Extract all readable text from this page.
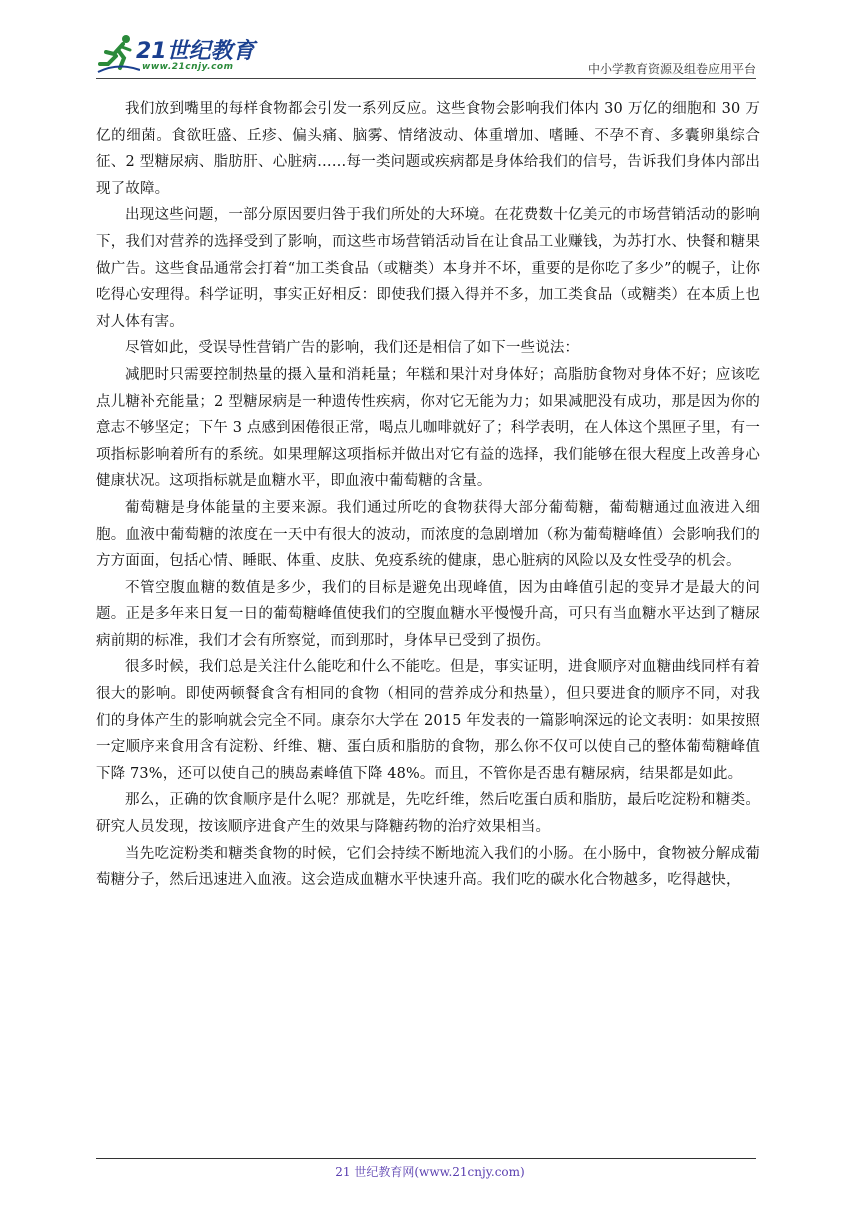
21世纪教育
www.21cnjy.com	中小学教育资源及组卷应用平台

我们放到嘴里的每样食物都会引发一系列反应。这些食物会影响我们体内 30 万亿的细胞和 30 万亿的细菌。食欲旺盛、丘疹、偏头痛、脑雾、情绪波动、体重增加、嗜睡、不孕不育、多囊卵巢综合征、2 型糖尿病、脂肪肝、心脏病……每一类问题或疾病都是身体给我们的信号，告诉我们身体内部出现了故障。

出现这些问题，一部分原因要归咎于我们所处的大环境。在花费数十亿美元的市场营销活动的影响下，我们对营养的选择受到了影响，而这些市场营销活动旨在让食品工业赚钱，为苏打水、快餐和糖果做广告。这些食品通常会打着“加工类食品（或糖类）本身并不坏，重要的是你吃了多少”的幌子，让你吃得心安理得。科学证明，事实正好相反：即使我们摄入得并不多，加工类食品（或糖类）在本质上也对人体有害。

尽管如此，受误导性营销广告的影响，我们还是相信了如下一些说法：

减肥时只需要控制热量的摄入量和消耗量；年糕和果汁对身体好；高脂肪食物对身体不好；应该吃点儿糖补充能量；2 型糖尿病是一种遗传性疾病，你对它无能为力；如果减肥没有成功，那是因为你的意志不够坚定；下午 3 点感到困倦很正常，喝点儿咖啡就好了；科学表明，在人体这个黑匣子里，有一项指标影响着所有的系统。如果理解这项指标并做出对它有益的选择，我们能够在很大程度上改善身心健康状况。这项指标就是血糖水平，即血液中葡萄糖的含量。

葡萄糖是身体能量的主要来源。我们通过所吃的食物获得大部分葡萄糖，葡萄糖通过血液进入细胞。血液中葡萄糖的浓度在一天中有很大的波动，而浓度的急剧增加（称为葡萄糖峰值）会影响我们的方方面面，包括心情、睡眠、体重、皮肤、免疫系统的健康，患心脏病的风险以及女性受孕的机会。

不管空腹血糖的数值是多少，我们的目标是避免出现峰值，因为由峰值引起的变异才是最大的问题。正是多年来日复一日的葡萄糖峰值使我们的空腹血糖水平慢慢升高，可只有当血糖水平达到了糖尿病前期的标准，我们才会有所察觉，而到那时，身体早已受到了损伤。

很多时候，我们总是关注什么能吃和什么不能吃。但是，事实证明，进食顺序对血糖曲线同样有着很大的影响。即使两顿餐食含有相同的食物（相同的营养成分和热量），但只要进食的顺序不同，对我们的身体产生的影响就会完全不同。康奈尔大学在 2015 年发表的一篇影响深远的论文表明：如果按照一定顺序来食用含有淀粉、纤维、糖、蛋白质和脂肪的食物，那么你不仅可以使自己的整体葡萄糖峰值下降 73%，还可以使自己的胰岛素峰值下降 48%。而且，不管你是否患有糖尿病，结果都是如此。

那么，正确的饮食顺序是什么呢？那就是，先吃纤维，然后吃蛋白质和脂肪，最后吃淀粉和糖类。研究人员发现，按该顺序进食产生的效果与降糖药物的治疗效果相当。

当先吃淀粉类和糖类食物的时候，它们会持续不断地流入我们的小肠。在小肠中，食物被分解成葡萄糖分子，然后迅速进入血液。这会造成血糖水平快速升高。我们吃的碳水化合物越多，吃得越快，

21 世纪教育网(www.21cnjy.com)
